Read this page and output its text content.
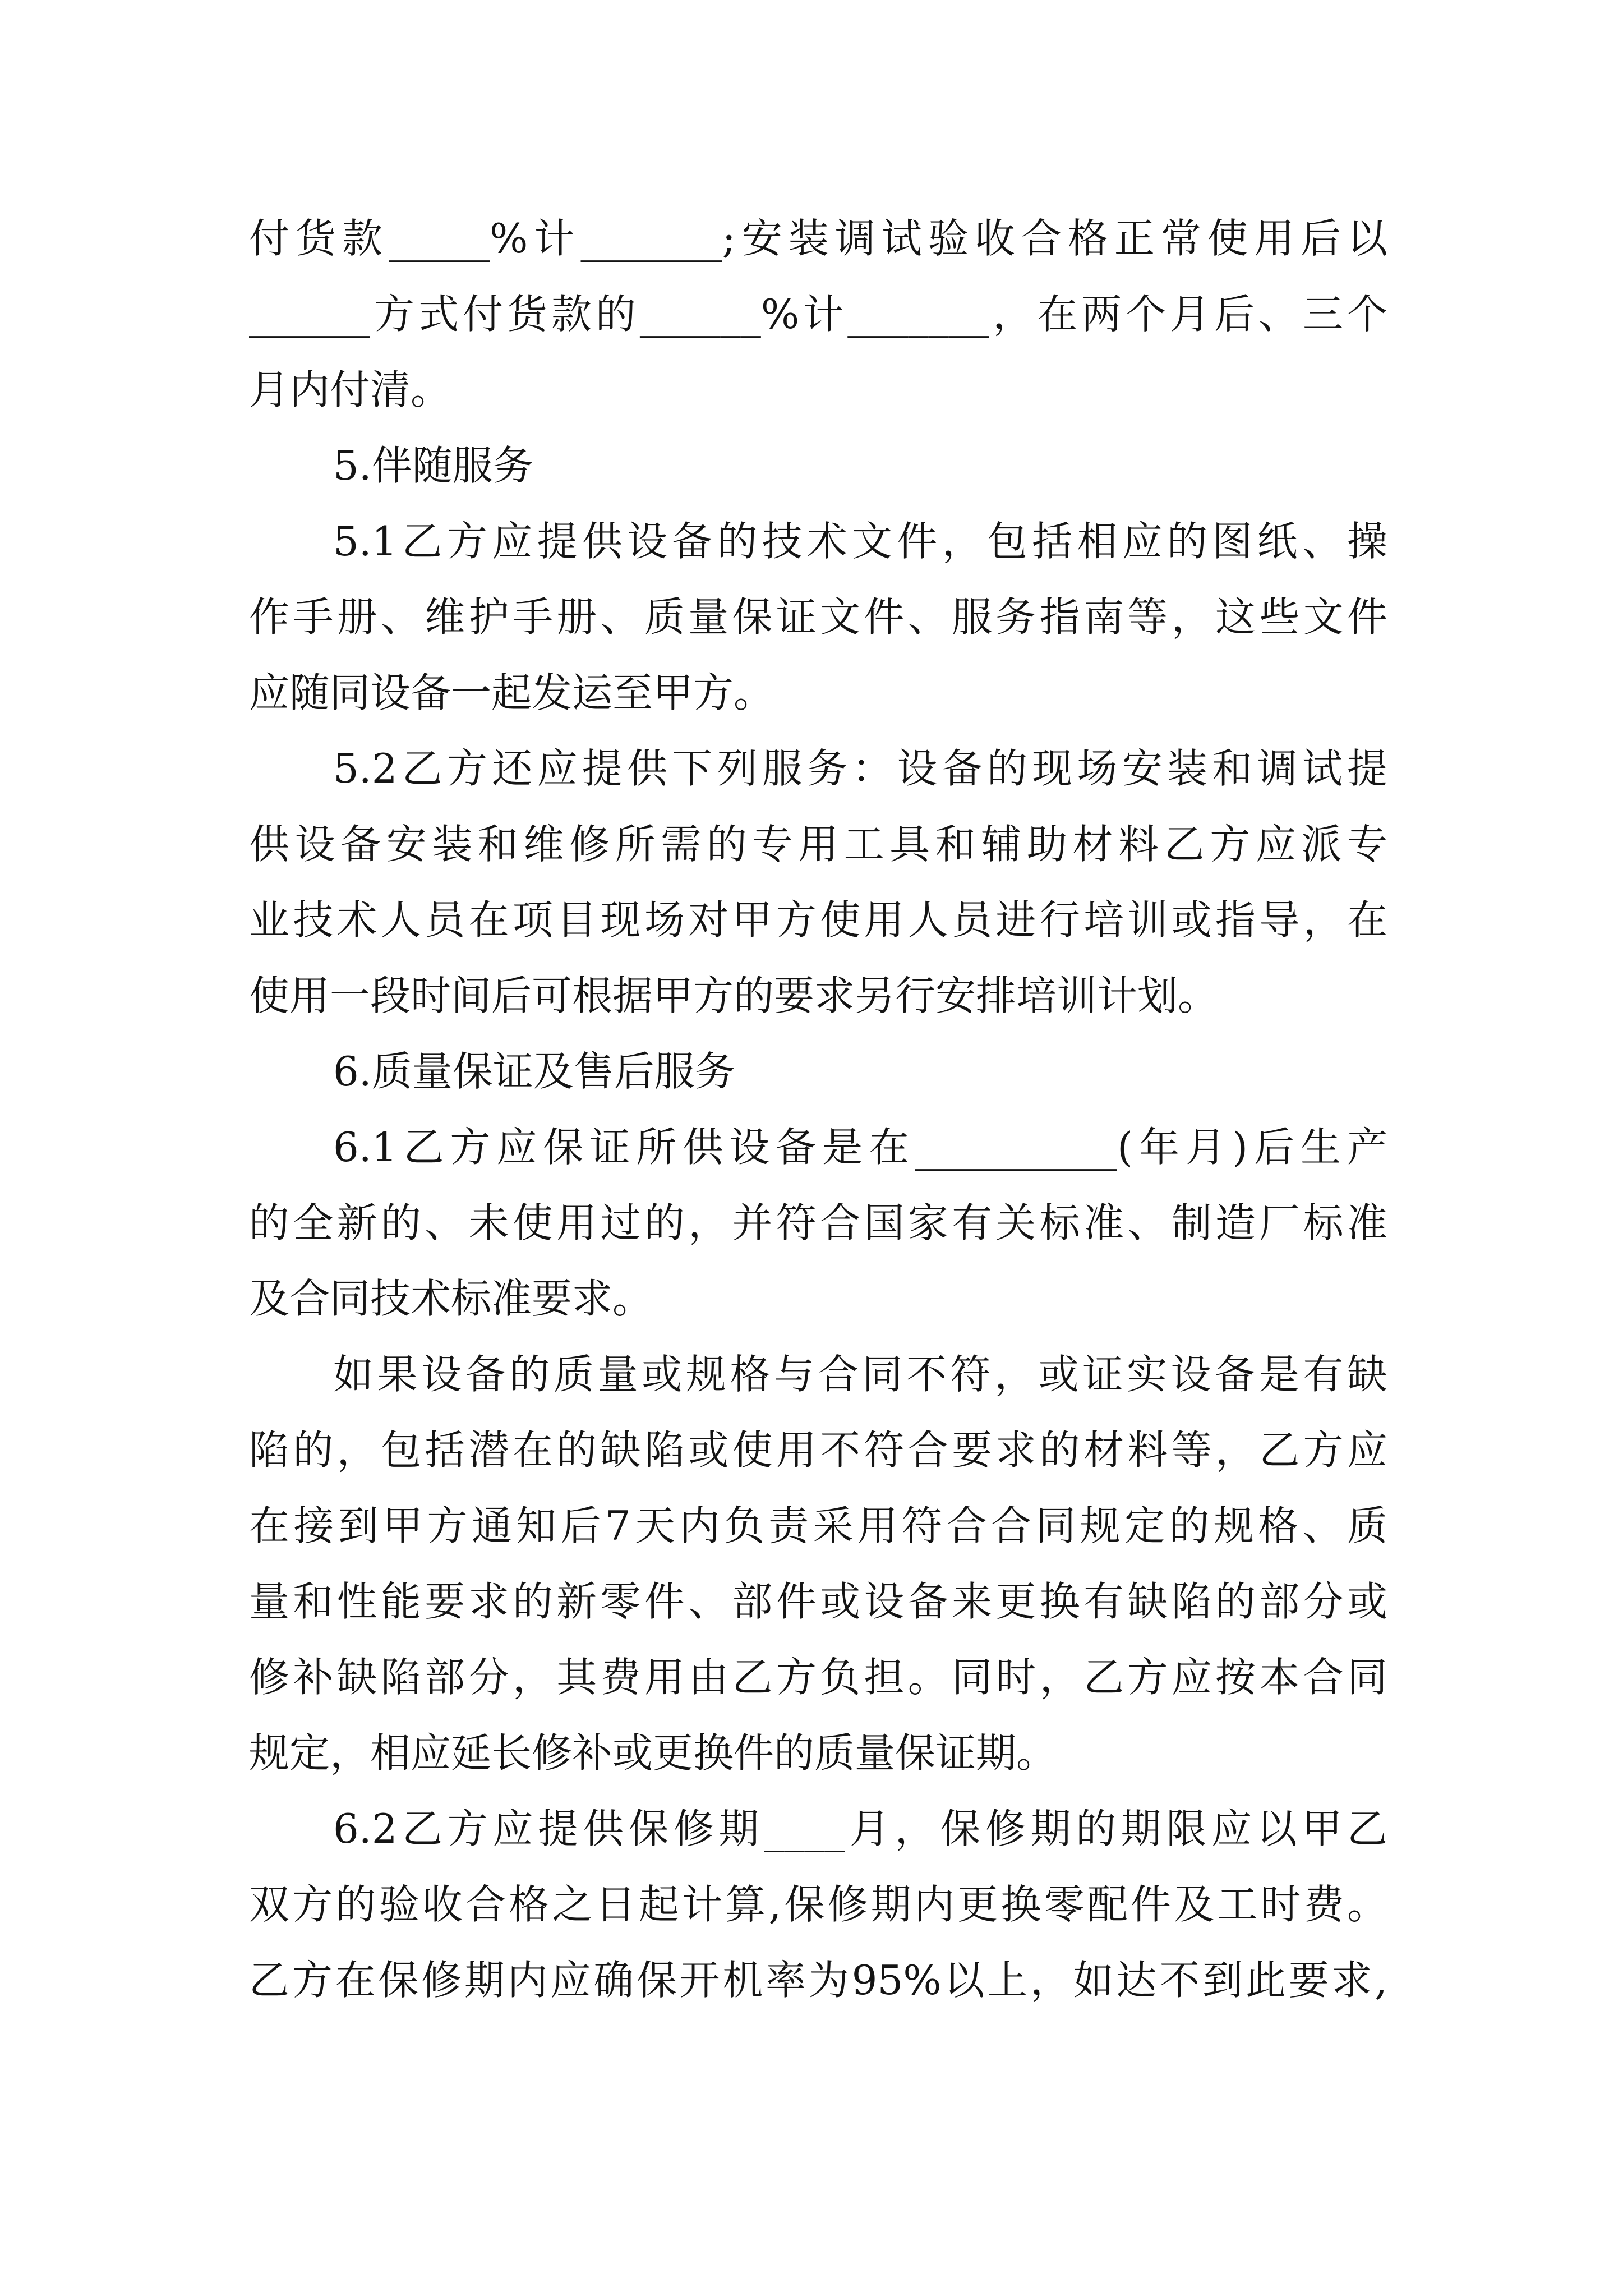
付货款_____%计_______;安装调试验收合格正常使用后以
______方式付货款的______%计_______，在两个月后、三个
月内付清。
5.伴随服务
5.1乙方应提供设备的技术文件，包括相应的图纸、操
作手册、维护手册、质量保证文件、服务指南等，这些文件
应随同设备一起发运至甲方。
5.2乙方还应提供下列服务：设备的现场安装和调试提
供设备安装和维修所需的专用工具和辅助材料乙方应派专
业技术人员在项目现场对甲方使用人员进行培训或指导，在
使用一段时间后可根据甲方的要求另行安排培训计划。
6.质量保证及售后服务
6.1乙方应保证所供设备是在__________(年月)后生产
的全新的、未使用过的，并符合国家有关标准、制造厂标准
及合同技术标准要求。
如果设备的质量或规格与合同不符，或证实设备是有缺
陷的，包括潜在的缺陷或使用不符合要求的材料等，乙方应
在接到甲方通知后7天内负责采用符合合同规定的规格、质
量和性能要求的新零件、部件或设备来更换有缺陷的部分或
修补缺陷部分，其费用由乙方负担。同时，乙方应按本合同
规定，相应延长修补或更换件的质量保证期。
6.2乙方应提供保修期____月，保修期的期限应以甲乙
双方的验收合格之日起计算,保修期内更换零配件及工时费。
乙方在保修期内应确保开机率为95%以上，如达不到此要求,
